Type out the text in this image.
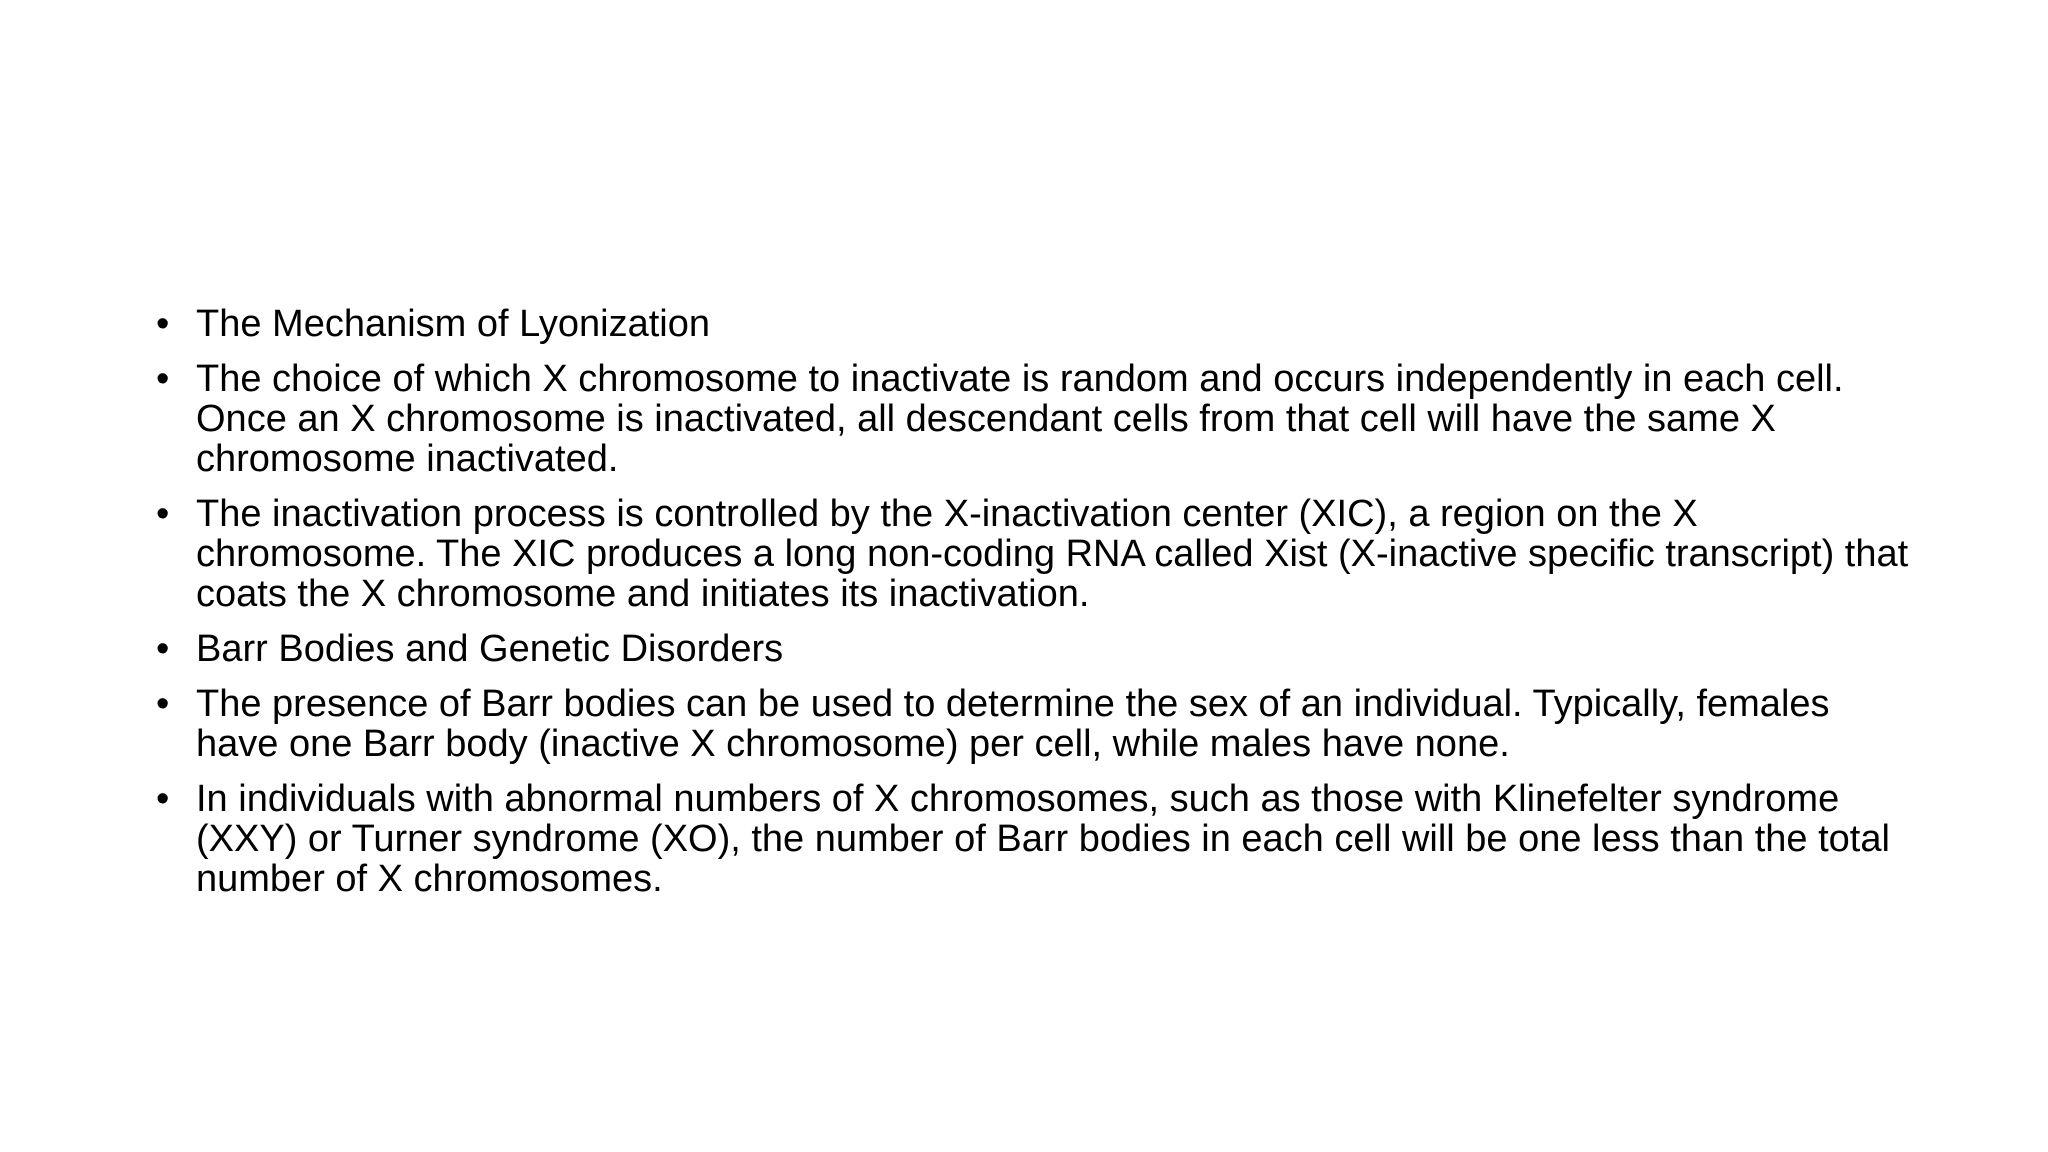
• The Mechanism of Lyonization
• The choice of which X chromosome to inactivate is random and occurs independently in each cell. Once an X chromosome is inactivated, all descendant cells from that cell will have the same X chromosome inactivated.
• The inactivation process is controlled by the X-inactivation center (XIC), a region on the X chromosome. The XIC produces a long non-coding RNA called Xist (X-inactive specific transcript) that coats the X chromosome and initiates its inactivation.
• Barr Bodies and Genetic Disorders
• The presence of Barr bodies can be used to determine the sex of an individual. Typically, females have one Barr body (inactive X chromosome) per cell, while males have none.
• In individuals with abnormal numbers of X chromosomes, such as those with Klinefelter syndrome (XXY) or Turner syndrome (XO), the number of Barr bodies in each cell will be one less than the total number of X chromosomes.
